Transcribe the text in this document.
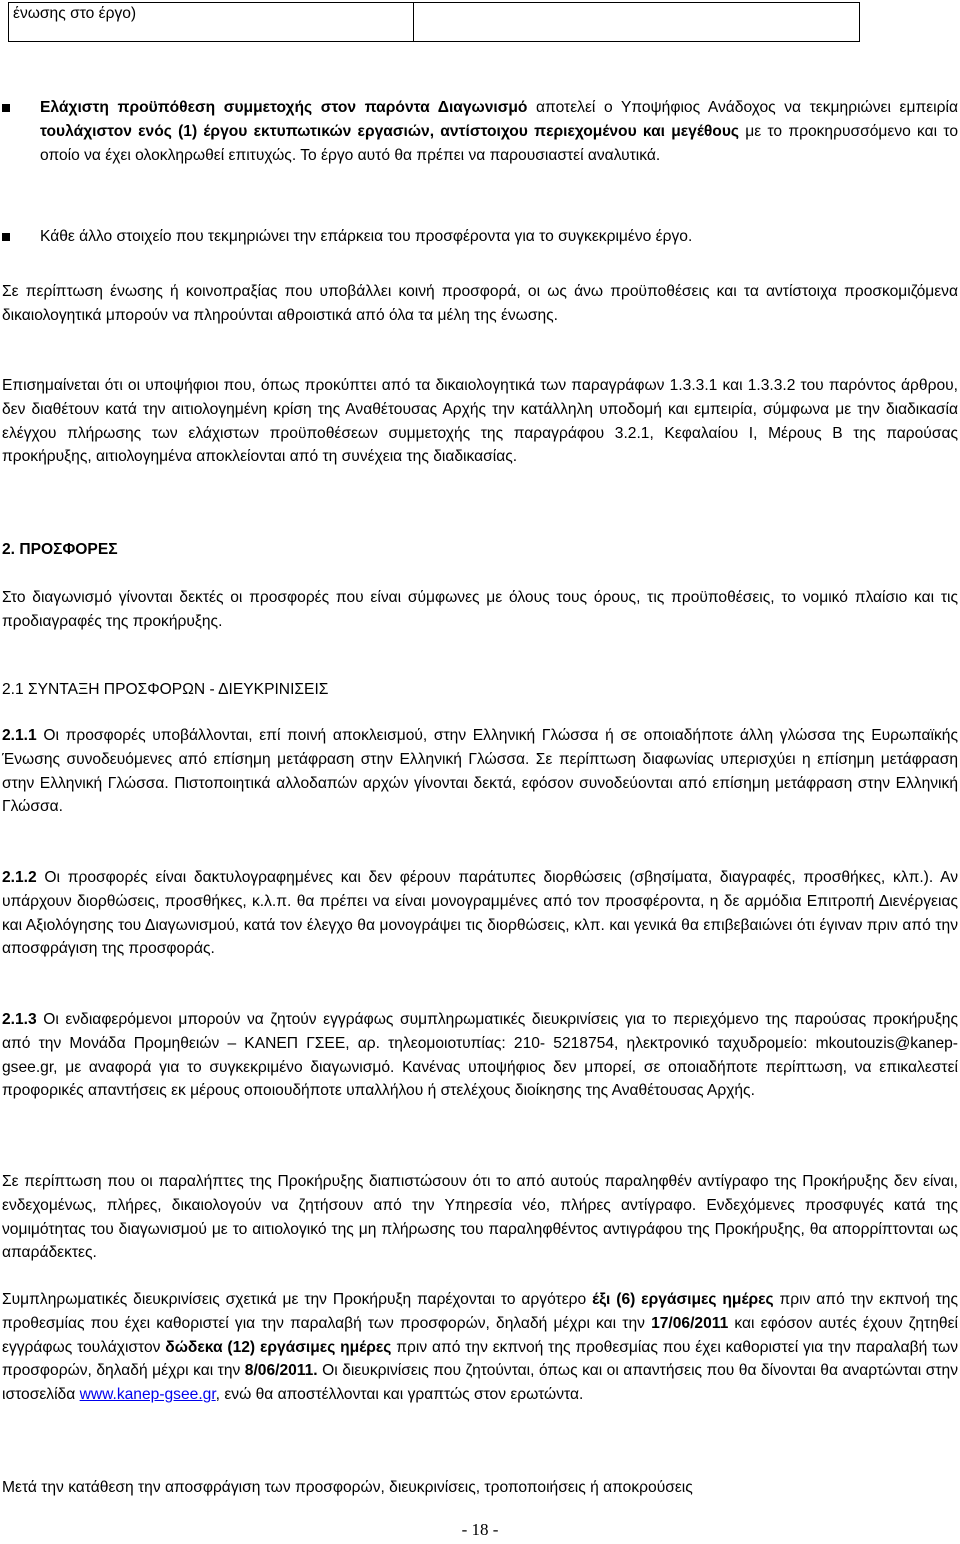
ένωσης στο έργο)	
Ελάχιστη προϋπόθεση συμμετοχής στον παρόντα Διαγωνισμό αποτελεί ο Υποψήφιος Ανάδοχος να τεκμηριώνει εμπειρία τουλάχιστον ενός (1) έργου εκτυπωτικών εργασιών, αντίστοιχου περιεχομένου και μεγέθους με το προκηρυσσόμενο και το οποίο να έχει ολοκληρωθεί επιτυχώς. Το έργο αυτό θα πρέπει να παρουσιαστεί αναλυτικά.
Κάθε άλλο στοιχείο που τεκμηριώνει την επάρκεια του προσφέροντα για το συγκεκριμένο έργο.
Σε περίπτωση ένωσης ή κοινοπραξίας που υποβάλλει κοινή προσφορά, οι ως άνω προϋποθέσεις και τα αντίστοιχα προσκομιζόμενα δικαιολογητικά μπορούν να πληρούνται αθροιστικά από όλα τα μέλη της ένωσης.
Επισημαίνεται ότι οι υποψήφιοι που, όπως προκύπτει από τα δικαιολογητικά των παραγράφων 1.3.3.1 και 1.3.3.2 του παρόντος άρθρου, δεν διαθέτουν κατά την αιτιολογημένη κρίση της Αναθέτουσας Αρχής την κατάλληλη υποδομή και εμπειρία, σύμφωνα με την διαδικασία ελέγχου πλήρωσης των ελάχιστων προϋποθέσεων συμμετοχής της παραγράφου 3.2.1, Κεφαλαίου Ι, Μέρους Β της παρούσας προκήρυξης, αιτιολογημένα αποκλείονται από τη συνέχεια της διαδικασίας.
2. ΠΡΟΣΦΟΡΕΣ
Στο διαγωνισμό γίνονται δεκτές οι προσφορές που είναι σύμφωνες με όλους τους όρους, τις προϋποθέσεις, το νομικό πλαίσιο και τις προδιαγραφές της προκήρυξης.
2.1 ΣΥΝΤΑΞΗ ΠΡΟΣΦΟΡΩΝ - ΔΙΕΥΚΡΙΝΙΣΕΙΣ
2.1.1 Οι προσφορές υποβάλλονται, επί ποινή αποκλεισμού, στην Ελληνική Γλώσσα ή σε οποιαδήποτε άλλη γλώσσα της Ευρωπαϊκής Ένωσης συνοδευόμενες από επίσημη μετάφραση στην Ελληνική Γλώσσα. Σε περίπτωση διαφωνίας υπερισχύει η επίσημη μετάφραση στην Ελληνική Γλώσσα. Πιστοποιητικά αλλοδαπών αρχών γίνονται δεκτά, εφόσον συνοδεύονται από επίσημη μετάφραση στην Ελληνική Γλώσσα.
2.1.2 Οι προσφορές είναι δακτυλογραφημένες και δεν φέρουν παράτυπες διορθώσεις (σβησίματα, διαγραφές, προσθήκες, κλπ.). Αν υπάρχουν διορθώσεις, προσθήκες, κ.λ.π. θα πρέπει να είναι μονογραμμένες από τον προσφέροντα, η δε αρμόδια Επιτροπή Διενέργειας και Αξιολόγησης του Διαγωνισμού, κατά τον έλεγχο θα μονογράψει τις διορθώσεις, κλπ. και γενικά θα επιβεβαιώνει ότι έγιναν πριν από την αποσφράγιση της προσφοράς.
2.1.3 Οι ενδιαφερόμενοι μπορούν να ζητούν εγγράφως συμπληρωματικές διευκρινίσεις για το περιεχόμενο της παρούσας προκήρυξης από την Μονάδα Προμηθειών – ΚΑΝΕΠ ΓΣΕΕ, αρ. τηλεομοιοτυπίας: 210- 5218754, ηλεκτρονικό ταχυδρομείο: mkoutouzis@kanep-gsee.gr, με αναφορά για το συγκεκριμένο διαγωνισμό. Κανένας υποψήφιος δεν μπορεί, σε οποιαδήποτε περίπτωση, να επικαλεστεί προφορικές απαντήσεις εκ μέρους οποιουδήποτε υπαλλήλου ή στελέχους διοίκησης της Αναθέτουσας Αρχής.
Σε περίπτωση που οι παραλήπτες της Προκήρυξης διαπιστώσουν ότι το από αυτούς παραληφθέν αντίγραφο της Προκήρυξης δεν είναι, ενδεχομένως, πλήρες, δικαιολογούν να ζητήσουν από την Υπηρεσία νέο, πλήρες αντίγραφο. Ενδεχόμενες προσφυγές κατά της νομιμότητας του διαγωνισμού με το αιτιολογικό της μη πλήρωσης του παραληφθέντος αντιγράφου της Προκήρυξης, θα απορρίπτονται ως απαράδεκτες.
Συμπληρωματικές διευκρινίσεις σχετικά με την Προκήρυξη παρέχονται το αργότερο έξι (6) εργάσιμες ημέρες πριν από την εκπνοή της προθεσμίας που έχει καθοριστεί για την παραλαβή των προσφορών, δηλαδή μέχρι και την 17/06/2011 και εφόσον αυτές έχουν ζητηθεί εγγράφως τουλάχιστον δώδεκα (12) εργάσιμες ημέρες πριν από την εκπνοή της προθεσμίας που έχει καθοριστεί για την παραλαβή των προσφορών, δηλαδή μέχρι και την 8/06/2011. Οι διευκρινίσεις που ζητούνται, όπως και οι απαντήσεις που θα δίνονται θα αναρτώνται στην ιστοσελίδα www.kanep-gsee.gr, ενώ θα αποστέλλονται και γραπτώς στον ερωτώντα.
Μετά την κατάθεση την αποσφράγιση των προσφορών, διευκρινίσεις, τροποποιήσεις ή αποκρούσεις
- 18 -
